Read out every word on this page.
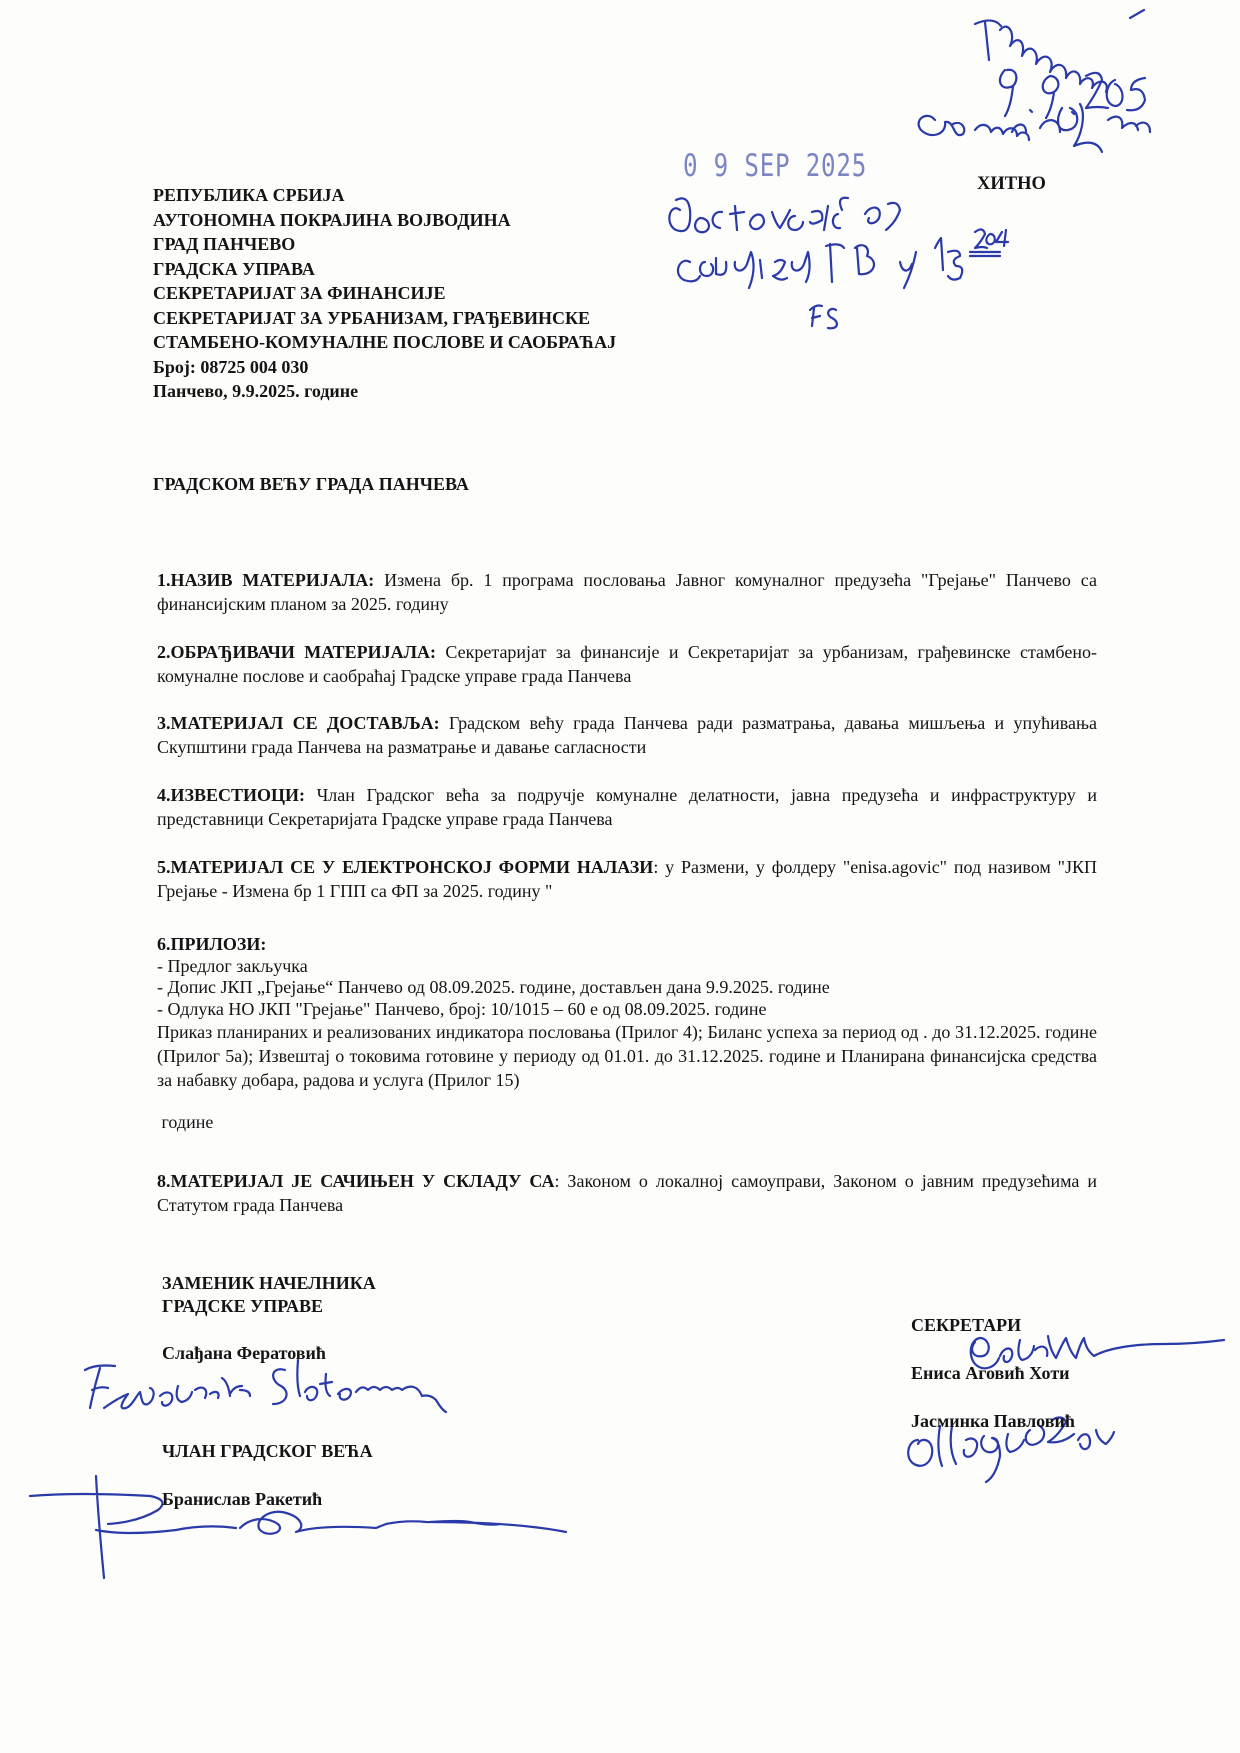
РЕПУБЛИКА СРБИЈА
АУТОНОМНА ПОКРАЈИНА ВОЈВОДИНА
ГРАД ПАНЧЕВО
ГРАДСКА УПРАВА
СЕКРЕТАРИЈАТ ЗА ФИНАНСИЈЕ
СЕКРЕТАРИЈАТ ЗА УРБАНИЗАМ, ГРАЂЕВИНСКЕ
СТАМБЕНО-КОМУНАЛНЕ ПОСЛОВЕ И САОБРАЋАЈ
Број: 08725 004 030
Панчево, 9.9.2025. године
ХИТНО
0 9 SEP 2025
ГРАДСКОМ ВЕЋУ ГРАДА ПАНЧЕВА
1.НАЗИВ МАТЕРИЈАЛА: Измена бр. 1 програма пословања Јавног комуналног предузећа "Грејање" Панчево са финансијским планом за 2025. годину
2.ОБРАЂИВАЧИ МАТЕРИЈАЛА: Секретаријат за финансије и Секретаријат за урбанизам, грађевинске стамбено-комуналне послове и саобраћај Градске управе града Панчева
3.МАТЕРИЈАЛ СЕ ДОСТАВЉА: Градском већу града Панчева ради разматрања, давања мишљења и упућивања Скупштини града Панчева на разматрање и давање сагласности
4.ИЗВЕСТИОЦИ: Члан Градског већа за подручје комуналне делатности, јавна предузећа и инфраструктуру и представници Секретаријата Градске управе града Панчева
5.МАТЕРИЈАЛ СЕ У ЕЛЕКТРОНСКОЈ ФОРМИ НАЛАЗИ: у Размени, у фолдеру "enisa.agovic" под називом "ЈКП Грејање - Измена бр 1 ГПП са ФП за 2025. годину "
6.ПРИЛОЗИ:
- Предлог закључка
- Допис ЈКП „Грејање“ Панчево од 08.09.2025. године, достављен дана 9.9.2025. године
- Одлука НО ЈКП "Грејање" Панчево, број: 10/1015 – 60 е од 08.09.2025. године
Приказ планираних и реализованих индикатора пословања (Прилог 4); Биланс успеха за период од . до 31.12.2025. године (Прилог 5а); Извештај о токовима готовине у периоду од 01.01. до 31.12.2025. године и Планирана финансијска средства за набавку добара, радова и услуга (Прилог 15)
године
8.МАТЕРИЈАЛ ЈЕ САЧИЊЕН У СКЛАДУ СА: Законом о локалној самоуправи, Законом о јавним предузећима и Статутом града Панчева
ЗАМЕНИК НАЧЕЛНИКА
ГРАДСКЕ УПРАВЕ
Слађана Фератовић
ЧЛАН ГРАДСКОГ ВЕЋА
Бранислав Ракетић
СЕКРЕТАРИ
Енисa Аговић Хоти
Јасминка Павловић
